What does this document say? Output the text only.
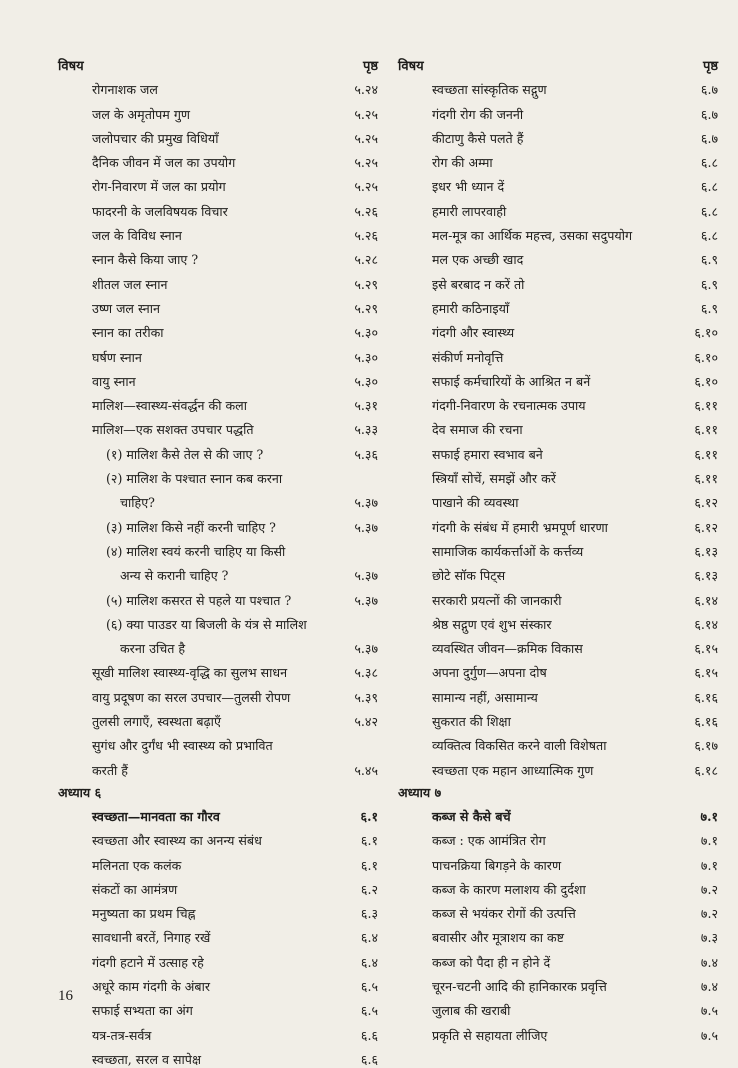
विषय	पृष्ठ
रोगनाशक जल	५.२४
जल के अमृतोपम गुण	५.२५
जलोपचार की प्रमुख विधियाँ	५.२५
दैनिक जीवन में जल का उपयोग	५.२५
रोग-निवारण में जल का प्रयोग	५.२५
फादरनी के जलविषयक विचार	५.२६
जल के विविध स्नान	५.२६
स्नान कैसे किया जाए ?	५.२८
शीतल जल स्नान	५.२९
उष्ण जल स्नान	५.२९
स्नान का तरीका	५.३०
घर्षण स्नान	५.३०
वायु स्नान	५.३०
मालिश—स्वास्थ्य-संवर्द्धन की कला	५.३१
मालिश—एक सशक्त उपचार पद्धति	५.३३
(१) मालिश कैसे तेल से की जाए ?	५.३६
(२) मालिश के पश्चात स्नान कब करना
चाहिए?	५.३७
(३) मालिश किसे नहीं करनी चाहिए ?	५.३७
(४) मालिश स्वयं करनी चाहिए या किसी
अन्य से करानी चाहिए ?	५.३७
(५) मालिश कसरत से पहले या पश्चात ?	५.३७
(६) क्या पाउडर या बिजली के यंत्र से मालिश
करना उचित है	५.३७
सूखी मालिश स्वास्थ्य-वृद्धि का सुलभ साधन	५.३८
वायु प्रदूषण का सरल उपचार—तुलसी रोपण	५.३९
तुलसी लगाएँ, स्वस्थता बढ़ाएँ	५.४२
सुगंध और दुर्गंध भी स्वास्थ्य को प्रभावित
करती हैं	५.४५
अध्याय ६
स्वच्छता—मानवता का गौरव	६.१
स्वच्छता और स्वास्थ्य का अनन्य संबंध	६.१
मलिनता एक कलंक	६.१
संकटों का आमंत्रण	६.२
मनुष्यता का प्रथम चिह्न	६.३
सावधानी बरतें, निगाह रखें	६.४
गंदगी हटाने में उत्साह रहे	६.४
अधूरे काम गंदगी के अंबार	६.५
सफाई सभ्यता का अंग	६.५
यत्र-तत्र-सर्वत्र	६.६
स्वच्छता, सरल व सापेक्ष	६.६
विषय	पृष्ठ
स्वच्छता सांस्कृतिक सद्गुण	६.७
गंदगी रोग की जननी	६.७
कीटाणु कैसे पलते हैं	६.७
रोग की अम्मा	६.८
इधर भी ध्यान दें	६.८
हमारी लापरवाही	६.८
मल-मूत्र का आर्थिक महत्त्व, उसका सदुपयोग	६.८
मल एक अच्छी खाद	६.९
इसे बरबाद न करें तो	६.९
हमारी कठिनाइयाँ	६.९
गंदगी और स्वास्थ्य	६.१०
संकीर्ण मनोवृत्ति	६.१०
सफाई कर्मचारियों के आश्रित न बनें	६.१०
गंदगी-निवारण के रचनात्मक उपाय	६.११
देव समाज की रचना	६.११
सफाई हमारा स्वभाव बने	६.११
स्त्रियाँ सोचें, समझें और करें	६.११
पाखाने की व्यवस्था	६.१२
गंदगी के संबंध में हमारी भ्रमपूर्ण धारणा	६.१२
सामाजिक कार्यकर्त्ताओं के कर्त्तव्य	६.१३
छोटे सॉक पिट्स	६.१३
सरकारी प्रयत्नों की जानकारी	६.१४
श्रेष्ठ सद्गुण एवं शुभ संस्कार	६.१४
व्यवस्थित जीवन—क्रमिक विकास	६.१५
अपना दुर्गुण—अपना दोष	६.१५
सामान्य नहीं, असामान्य	६.१६
सुकरात की शिक्षा	६.१६
व्यक्तित्व विकसित करने वाली विशेषता	६.१७
स्वच्छता एक महान आध्यात्मिक गुण	६.१८
अध्याय ७
कब्ज से कैसे बचें	७.१
कब्ज : एक आमंत्रित रोग	७.१
पाचनक्रिया बिगड़ने के कारण	७.१
कब्ज के कारण मलाशय की दुर्दशा	७.२
कब्ज से भयंकर रोगों की उत्पत्ति	७.२
बवासीर और मूत्राशय का कष्ट	७.३
कब्ज को पैदा ही न होने दें	७.४
चूरन-चटनी आदि की हानिकारक प्रवृत्ति	७.४
जुलाब की खराबी	७.५
प्रकृति से सहायता लीजिए	७.५
16
